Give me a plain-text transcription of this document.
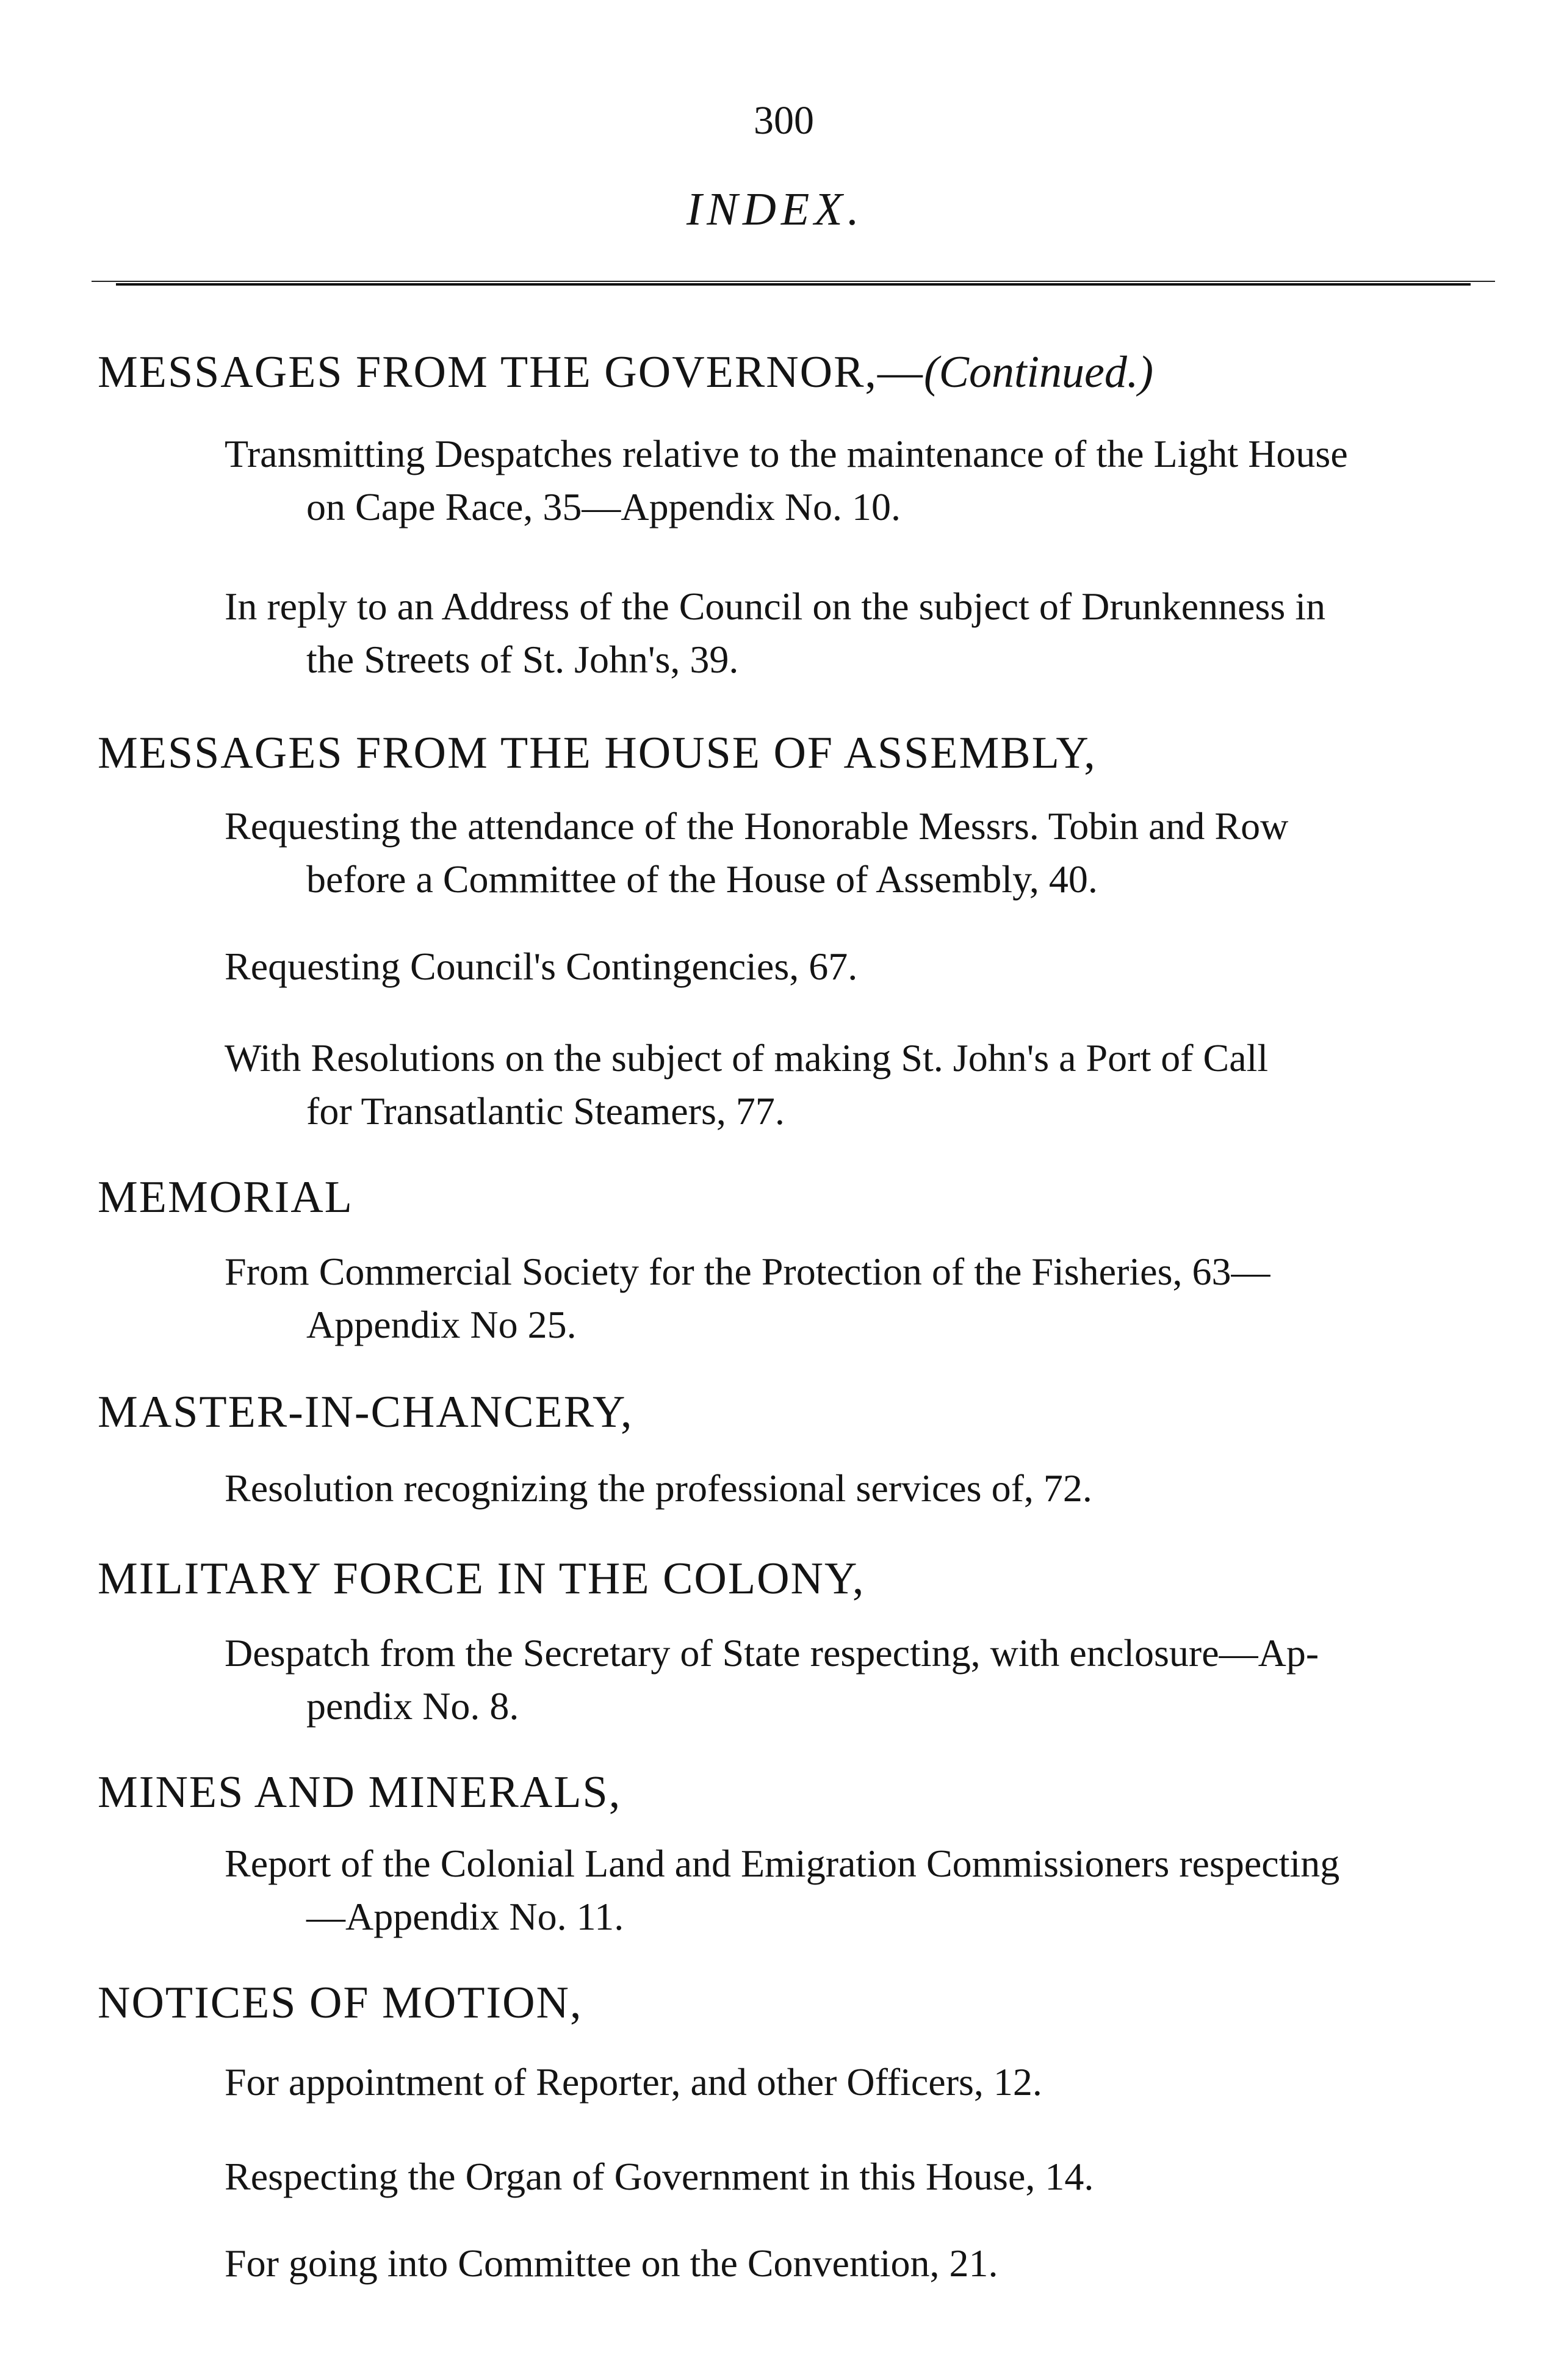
300
INDEX.
MESSAGES FROM THE GOVERNOR,—(Continued.)
Transmitting Despatches relative to the maintenance of the Light House
on Cape Race, 35—Appendix No. 10.
In reply to an Address of the Council on the subject of Drunkenness in
the Streets of St. John's, 39.
MESSAGES FROM THE HOUSE OF ASSEMBLY,
Requesting the attendance of the Honorable Messrs. Tobin and Row
before a Committee of the House of Assembly, 40.
Requesting Council's Contingencies, 67.
With Resolutions on the subject of making St. John's a Port of Call
for Transatlantic Steamers, 77.
MEMORIAL
From Commercial Society for the Protection of the Fisheries, 63—
Appendix No 25.
MASTER-IN-CHANCERY,
Resolution recognizing the professional services of, 72.
MILITARY FORCE IN THE COLONY,
Despatch from the Secretary of State respecting, with enclosure—Ap-
pendix No. 8.
MINES AND MINERALS,
Report of the Colonial Land and Emigration Commissioners respecting
—Appendix No. 11.
NOTICES OF MOTION,
For appointment of Reporter, and other Officers, 12.
Respecting the Organ of Government in this House, 14.
For going into Committee on the Convention, 21.
